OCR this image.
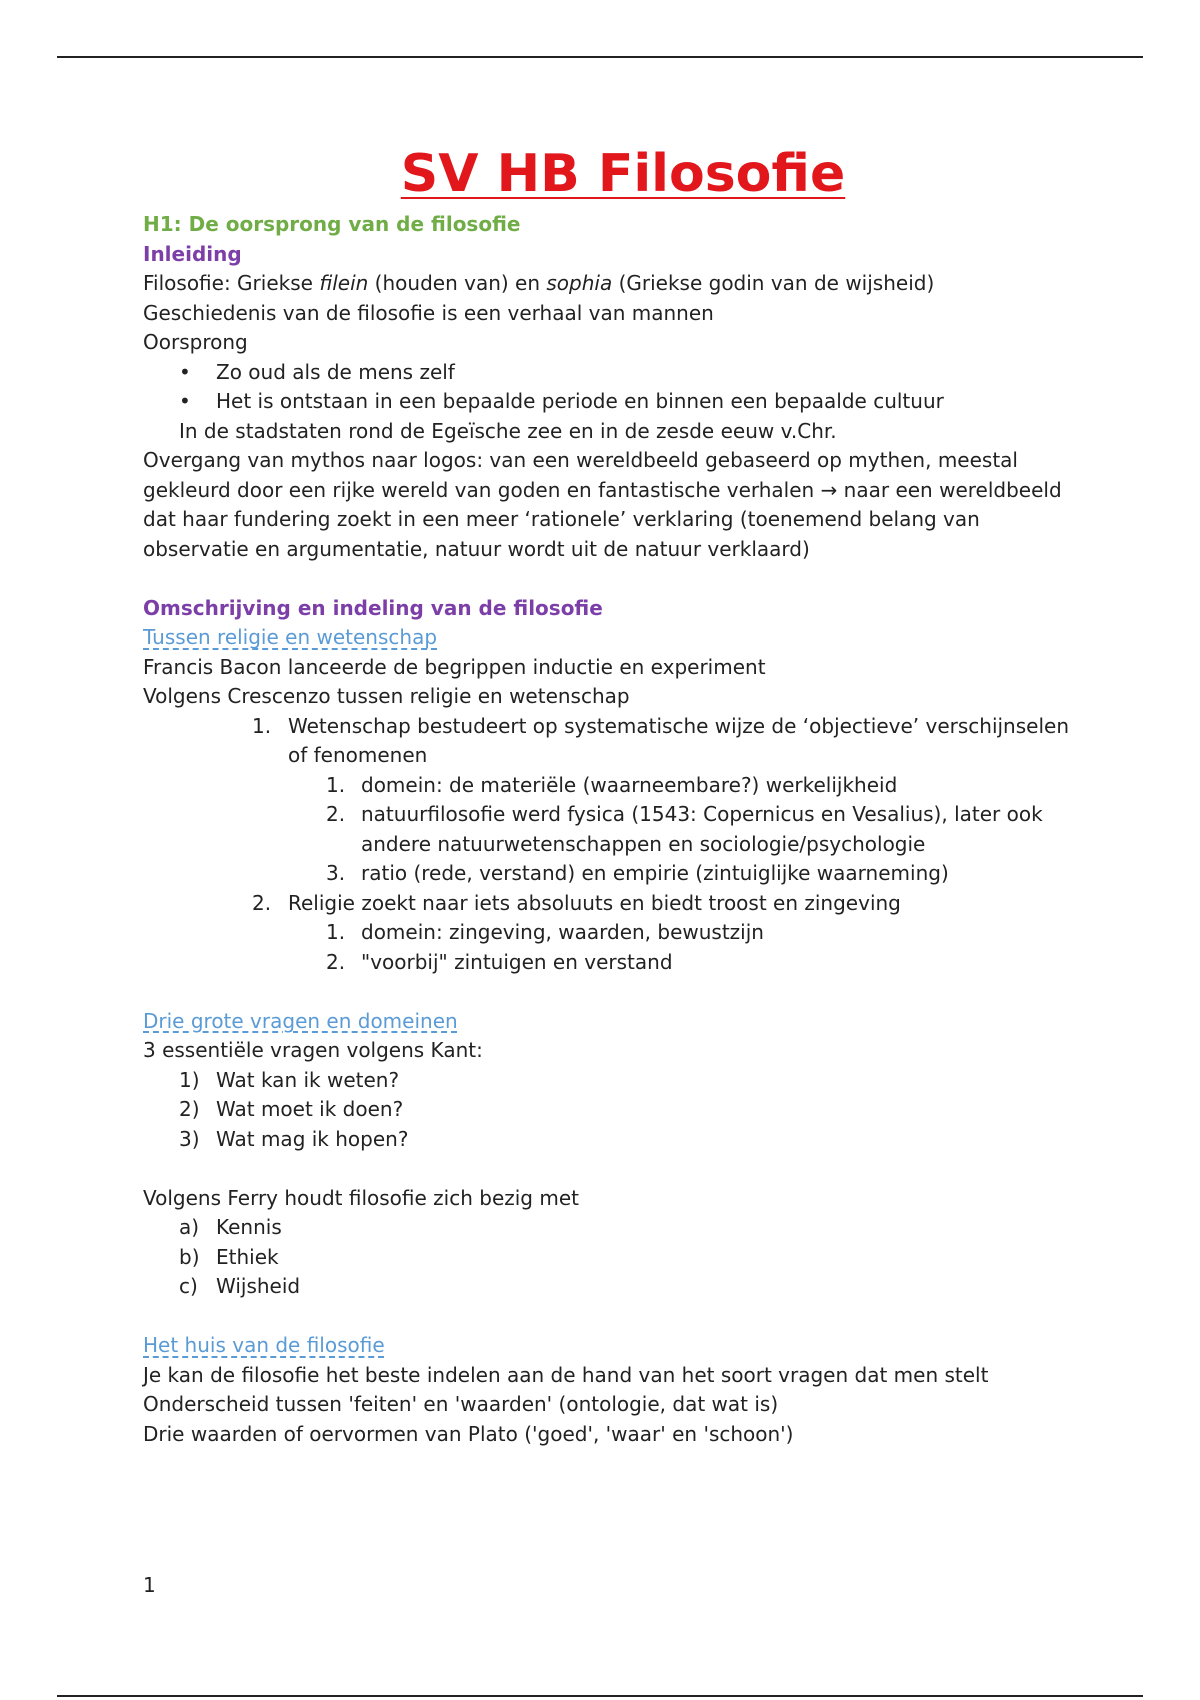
SV HB Filosofie

H1: De oorsprong van de filosofie

Inleiding

Filosofie: Griekse filein (houden van) en sophia (Griekse godin van de wijsheid)

Geschiedenis van de filosofie is een verhaal van mannen

Oorsprong

• Zo oud als de mens zelf
• Het is ontstaan in een bepaalde periode en binnen een bepaalde cultuur

In de stadstaten rond de Egeïsche zee en in de zesde eeuw v.Chr.

Overgang van mythos naar logos: van een wereldbeeld gebaseerd op mythen, meestal

gekleurd door een rijke wereld van goden en fantastische verhalen → naar een wereldbeeld

dat haar fundering zoekt in een meer ‘rationele’ verklaring (toenemend belang van

observatie en argumentatie, natuur wordt uit de natuur verklaard)

Omschrijving en indeling van de filosofie

Tussen religie en wetenschap

Francis Bacon lanceerde de begrippen inductie en experiment

Volgens Crescenzo tussen religie en wetenschap

1. Wetenschap bestudeert op systematische wijze de ‘objectieve’ verschijnselen

of fenomenen

1. domein: de materiële (waarneembare?) werkelijkheid
2. natuurfilosofie werd fysica (1543: Copernicus en Vesalius), later ook

andere natuurwetenschappen en sociologie/psychologie

3. ratio (rede, verstand) en empirie (zintuiglijke waarneming)
2. Religie zoekt naar iets absoluuts en biedt troost en zingeving
1. domein: zingeving, waarden, bewustzijn
2. "voorbij" zintuigen en verstand

Drie grote vragen en domeinen

3 essentiële vragen volgens Kant:

1) Wat kan ik weten?
2) Wat moet ik doen?
3) Wat mag ik hopen?

Volgens Ferry houdt filosofie zich bezig met

a) Kennis
b) Ethiek
c) Wijsheid

Het huis van de filosofie

Je kan de filosofie het beste indelen aan de hand van het soort vragen dat men stelt

Onderscheid tussen 'feiten' en 'waarden' (ontologie, dat wat is)

Drie waarden of oervormen van Plato ('goed', 'waar' en 'schoon')

1
